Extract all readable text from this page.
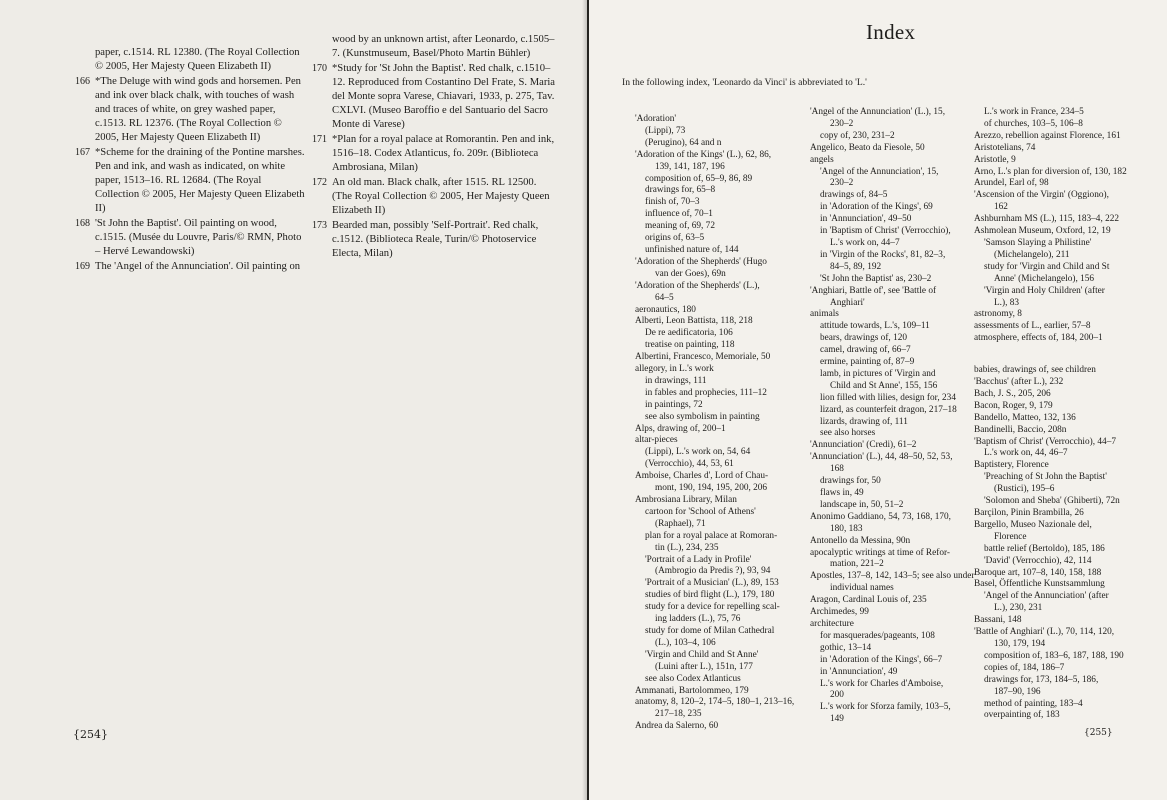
paper, c.1514. RL 12380. (The Royal Collection © 2005, Her Majesty Queen Elizabeth II)
166 *The Deluge with wind gods and horsemen. Pen and ink over black chalk, with touches of wash and traces of white, on grey washed paper, c.1513. RL 12376. (The Royal Collection © 2005, Her Majesty Queen Elizabeth II)
167 *Scheme for the draining of the Pontine marshes. Pen and ink, and wash as indicated, on white paper, 1513–16. RL 12684. (The Royal Collection © 2005, Her Majesty Queen Elizabeth II)
168 'St John the Baptist'. Oil painting on wood, c.1515. (Musée du Louvre, Paris/© RMN, Photo – Hervé Lewandowski)
169 The 'Angel of the Annunciation'. Oil painting on
wood by an unknown artist, after Leonardo, c.1505–7. (Kunstmuseum, Basel/Photo Martin Bühler)
170 *Study for 'St John the Baptist'. Red chalk, c.1510–12. Reproduced from Costantino Del Frate, S. Maria del Monte sopra Varese, Chiavari, 1933, p. 275, Tav. CXLVI. (Museo Baroffio e del Santuario del Sacro Monte di Varese)
171 *Plan for a royal palace at Romorantin. Pen and ink, 1516–18. Codex Atlanticus, fo. 209r. (Biblioteca Ambrosiana, Milan)
172 An old man. Black chalk, after 1515. RL 12500. (The Royal Collection © 2005, Her Majesty Queen Elizabeth II)
173 Bearded man, possibly 'Self-Portrait'. Red chalk, c.1512. (Biblioteca Reale, Turin/© Photoservice Electa, Milan)
{254}
Index
In the following index, 'Leonardo da Vinci' is abbreviated to 'L.'
'Adoration'
(Lippi), 73
(Perugino), 64 and n
'Adoration of the Kings' (L.), 62, 86,
139, 141, 187, 196
composition of, 65–9, 86, 89
drawings for, 65–8
finish of, 70–3
influence of, 70–1
meaning of, 69, 72
origins of, 63–5
unfinished nature of, 144
'Adoration of the Shepherds' (Hugo
van der Goes), 69n
'Adoration of the Shepherds' (L.),
64–5
aeronautics, 180
Alberti, Leon Battista, 118, 218
De re aedificatoria, 106
treatise on painting, 118
Albertini, Francesco, Memoriale, 50
allegory, in L.'s work
in drawings, 111
in fables and prophecies, 111–12
in paintings, 72
see also symbolism in painting
Alps, drawing of, 200–1
altar-pieces
(Lippi), L.'s work on, 54, 64
(Verrocchio), 44, 53, 61
Amboise, Charles d', Lord of Chau-
mont, 190, 194, 195, 200, 206
Ambrosiana Library, Milan
cartoon for 'School of Athens'
(Raphael), 71
plan for a royal palace at Romoran-
tin (L.), 234, 235
'Portrait of a Lady in Profile'
(Ambrogio da Predis ?), 93, 94
'Portrait of a Musician' (L.), 89, 153
studies of bird flight (L.), 179, 180
study for a device for repelling scal-
ing ladders (L.), 75, 76
study for dome of Milan Cathedral
(L.), 103–4, 106
'Virgin and Child and St Anne'
(Luini after L.), 151n, 177
see also Codex Atlanticus
Ammanati, Bartolommeo, 179
anatomy, 8, 120–2, 174–5, 180–1, 213–16,
217–18, 235
Andrea da Salerno, 60
'Angel of the Annunciation' (L.), 15,
230–2
copy of, 230, 231–2
Angelico, Beato da Fiesole, 50
angels
'Angel of the Annunciation', 15,
230–2
drawings of, 84–5
in 'Adoration of the Kings', 69
in 'Annunciation', 49–50
in 'Baptism of Christ' (Verrocchio),
L.'s work on, 44–7
in 'Virgin of the Rocks', 81, 82–3,
84–5, 89, 192
'St John the Baptist' as, 230–2
'Anghiari, Battle of', see 'Battle of
Anghiari'
animals
attitude towards, L.'s, 109–11
bears, drawings of, 120
camel, drawing of, 66–7
ermine, painting of, 87–9
lamb, in pictures of 'Virgin and
Child and St Anne', 155, 156
lion filled with lilies, design for, 234
lizard, as counterfeit dragon, 217–18
lizards, drawing of, 111
see also horses
'Annunciation' (Credi), 61–2
'Annunciation' (L.), 44, 48–50, 52, 53,
168
drawings for, 50
flaws in, 49
landscape in, 50, 51–2
Anonimo Gaddiano, 54, 73, 168, 170,
180, 183
Antonello da Messina, 90n
apocalyptic writings at time of Refor-
mation, 221–2
Apostles, 137–8, 142, 143–5; see also under
individual names
Aragon, Cardinal Louis of, 235
Archimedes, 99
architecture
for masquerades/pageants, 108
gothic, 13–14
in 'Adoration of the Kings', 66–7
in 'Annunciation', 49
L.'s work for Charles d'Amboise,
200
L.'s work for Sforza family, 103–5,
149
L.'s work in France, 234–5
of churches, 103–5, 106–8
Arezzo, rebellion against Florence, 161
Aristotelians, 74
Aristotle, 9
Arno, L.'s plan for diversion of, 130, 182
Arundel, Earl of, 98
'Ascension of the Virgin' (Oggiono),
162
Ashburnham MS (L.), 115, 183–4, 222
Ashmolean Museum, Oxford, 12, 19
'Samson Slaying a Philistine'
(Michelangelo), 211
study for 'Virgin and Child and St
Anne' (Michelangelo), 156
'Virgin and Holy Children' (after
L.), 83
astronomy, 8
assessments of L., earlier, 57–8
atmosphere, effects of, 184, 200–1
babies, drawings of, see children
'Bacchus' (after L.), 232
Bach, J. S., 205, 206
Bacon, Roger, 9, 179
Bandello, Matteo, 132, 136
Bandinelli, Baccio, 208n
'Baptism of Christ' (Verrocchio), 44–7
L.'s work on, 44, 46–7
Baptistery, Florence
'Preaching of St John the Baptist'
(Rustici), 195–6
'Solomon and Sheba' (Ghiberti), 72n
Barçilon, Pinin Brambilla, 26
Bargello, Museo Nazionale del,
Florence
battle relief (Bertoldo), 185, 186
'David' (Verrocchio), 42, 114
Baroque art, 107–8, 140, 158, 188
Basel, Öffentliche Kunstsammlung
'Angel of the Annunciation' (after
L.), 230, 231
Bassani, 148
'Battle of Anghiari' (L.), 70, 114, 120,
130, 179, 194
composition of, 183–6, 187, 188, 190
copies of, 184, 186–7
drawings for, 173, 184–5, 186,
187–90, 196
method of painting, 183–4
overpainting of, 183
{255}
